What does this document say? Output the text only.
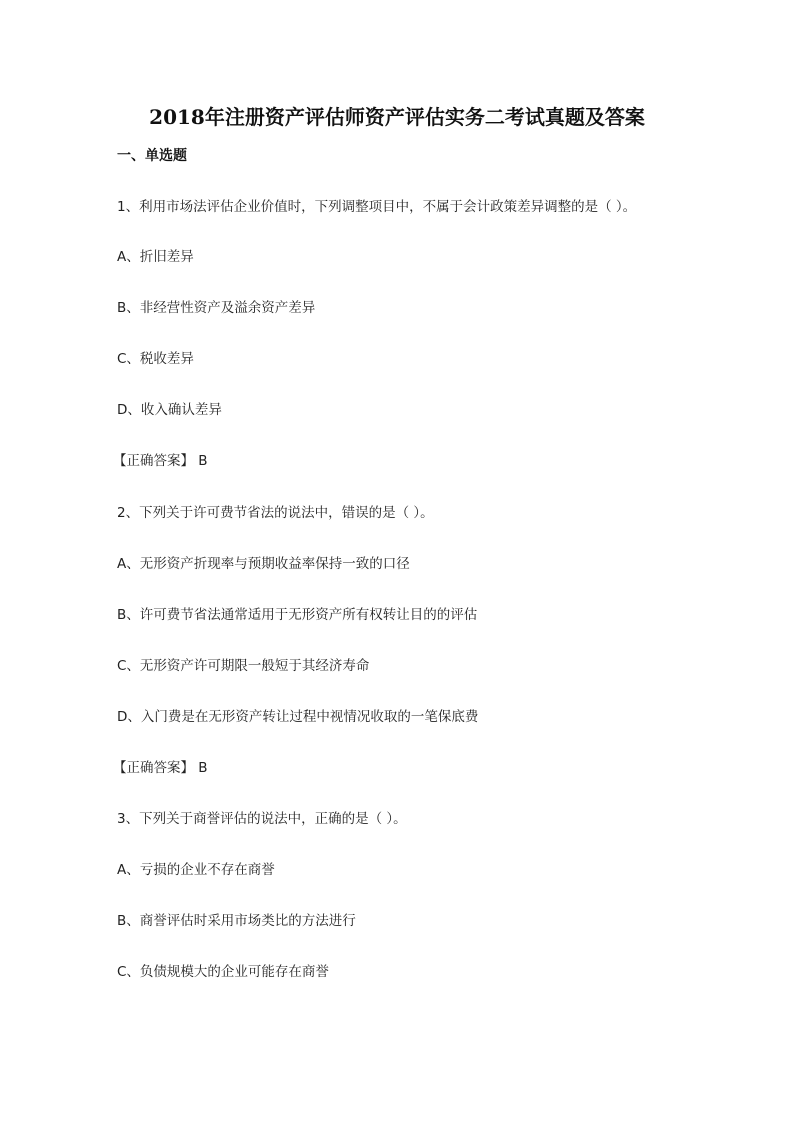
2018年注册资产评估师资产评估实务二考试真题及答案
一、单选题
1、利用市场法评估企业价值时，下列调整项目中，不属于会计政策差异调整的是（ ）。
A、折旧差异
B、非经营性资产及溢余资产差异
C、税收差异
D、收入确认差异
【正确答案】 B
2、下列关于许可费节省法的说法中，错误的是（ ）。
A、无形资产折现率与预期收益率保持一致的口径
B、许可费节省法通常适用于无形资产所有权转让目的的评估
C、无形资产许可期限一般短于其经济寿命
D、入门费是在无形资产转让过程中视情况收取的一笔保底费
【正确答案】 B
3、下列关于商誉评估的说法中，正确的是（ ）。
A、亏损的企业不存在商誉
B、商誉评估时采用市场类比的方法进行
C、负债规模大的企业可能存在商誉
